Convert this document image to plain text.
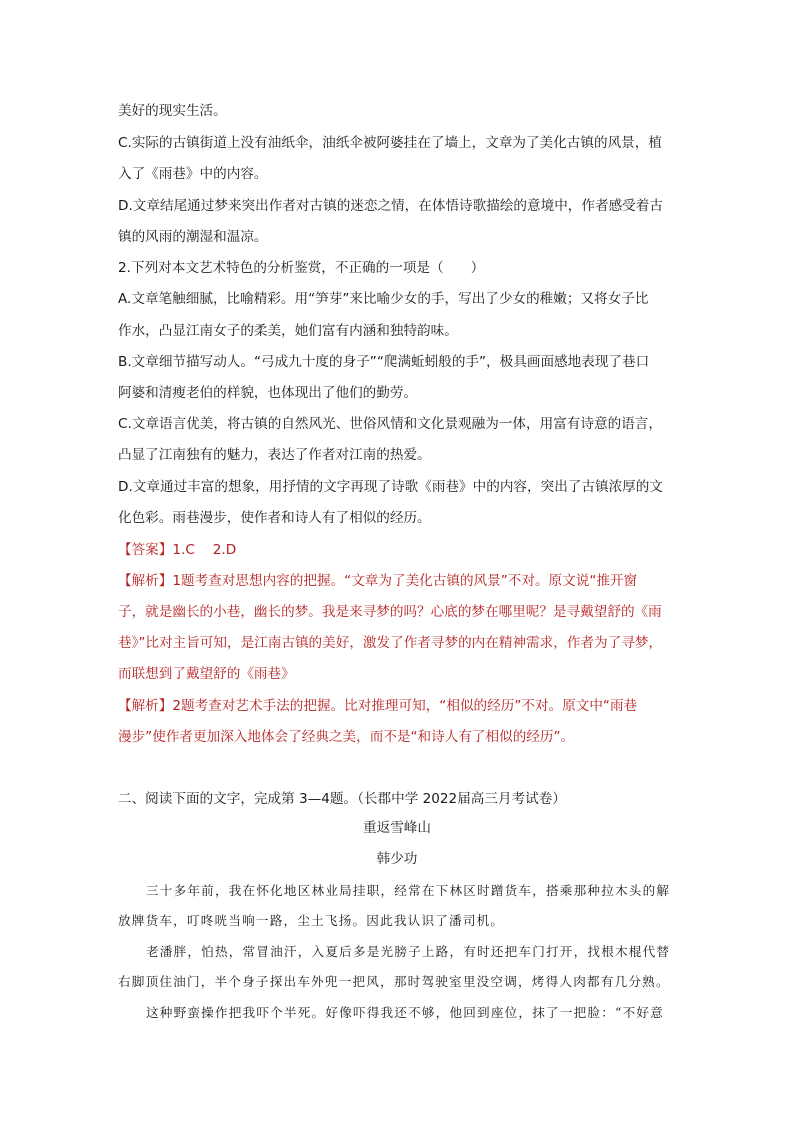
美好的现实生活。
C.实际的古镇街道上没有油纸伞，油纸伞被阿婆挂在了墙上，文章为了美化古镇的风景，植
入了《雨巷》中的内容。
D.文章结尾通过梦来突出作者对古镇的迷恋之情，在体悟诗歌描绘的意境中，作者感受着古
镇的风雨的潮湿和温凉。
2.下列对本文艺术特色的分析鉴赏，不正确的一项是（　　）
A.文章笔触细腻，比喻精彩。用“笋芽”来比喻少女的手，写出了少女的稚嫩；又将女子比
作水，凸显江南女子的柔美，她们富有内涵和独特韵味。
B.文章细节描写动人。“弓成九十度的身子”“爬满蚯蚓般的手”，极具画面感地表现了巷口
阿婆和清瘦老伯的样貌，也体现出了他们的勤劳。
C.文章语言优美，将古镇的自然风光、世俗风情和文化景观融为一体，用富有诗意的语言，
凸显了江南独有的魅力，表达了作者对江南的热爱。
D.文章通过丰富的想象，用抒情的文字再现了诗歌《雨巷》中的内容，突出了古镇浓厚的文
化色彩。雨巷漫步，使作者和诗人有了相似的经历。
【答案】1.C　 2.D
【解析】1题考查对思想内容的把握。“文章为了美化古镇的风景”不对。原文说“推开窗
子，就是幽长的小巷，幽长的梦。我是来寻梦的吗？心底的梦在哪里呢？是寻戴望舒的《雨
巷》”比对主旨可知，是江南古镇的美好，激发了作者寻梦的内在精神需求，作者为了寻梦，
而联想到了戴望舒的《雨巷》
【解析】2题考查对艺术手法的把握。比对推理可知，“相似的经历”不对。原文中“雨巷
漫步”使作者更加深入地体会了经典之美，而不是“和诗人有了相似的经历”。
二、阅读下面的文字，完成第 3—4题。（长郡中学 2022届高三月考试卷）
重返雪峰山
韩少功
三十多年前，我在怀化地区林业局挂职，经常在下林区时蹭货车，搭乘那种拉木头的解
放牌货车，叮咚咣当响一路，尘土飞扬。因此我认识了潘司机。
老潘胖，怕热，常冒油汗，入夏后多是光膀子上路，有时还把车门打开，找根木棍代替
右脚顶住油门，半个身子探出车外兜一把风，那时驾驶室里没空调，烤得人肉都有几分熟。
这种野蛮操作把我吓个半死。好像吓得我还不够，他回到座位，抹了一把脸：“不好意
